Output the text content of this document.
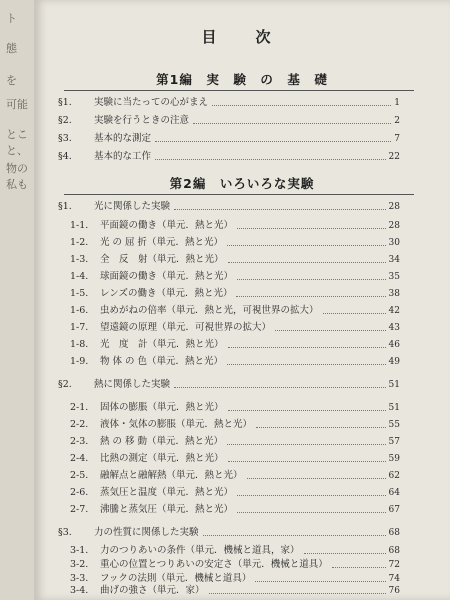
ト
態
を
可能
とこ
と、
物の
私も
目　次
第1編　実　験　の　基　礎
§1.	実験に当たっての心がまえ	1
§2.	実験を行うときの注意	2
§3.	基本的な測定	7
§4.	基本的な工作	22
第2編　いろいろな実験
§1.	光に関係した実験	28
1-1.	平面鏡の働き（単元．熱と光）	28
1-2.	光 の 屈 折（単元．熱と光）	30
1-3.	全　反　射（単元．熱と光）	34
1-4.	球面鏡の働き（単元．熱と光）	35
1-5.	レンズの働き（単元．熱と光）	38
1-6.	虫めがねの倍率（単元．熱と光，可視世界の拡大）	42
1-7.	望遠鏡の原理（単元．可視世界の拡大）	43
1-8.	光　度　計（単元．熱と光）	46
1-9.	物 体 の 色（単元．熱と光）	49
§2.	熱に関係した実験	51
2-1.	固体の膨脹（単元．熱と光）	51
2-2.	液体・気体の膨脹（単元．熱と光）	55
2-3.	熱 の 移 動（単元．熱と光）	57
2-4.	比熱の測定（単元．熱と光）	59
2-5.	融解点と融解熱（単元．熱と光）	62
2-6.	蒸気圧と温度（単元．熱と光）	64
2-7.	沸騰と蒸気圧（単元．熱と光）	67
§3.	力の性質に関係した実験	68
3-1.	力のつりあいの条件（単元．機械と道具，家）	68
3-2.	重心の位置とつりあいの安定さ（単元．機械と道具）	72
3-3.	フックの法則（単元．機械と道具）	74
3-4.	曲げの強さ（単元．家）	76
